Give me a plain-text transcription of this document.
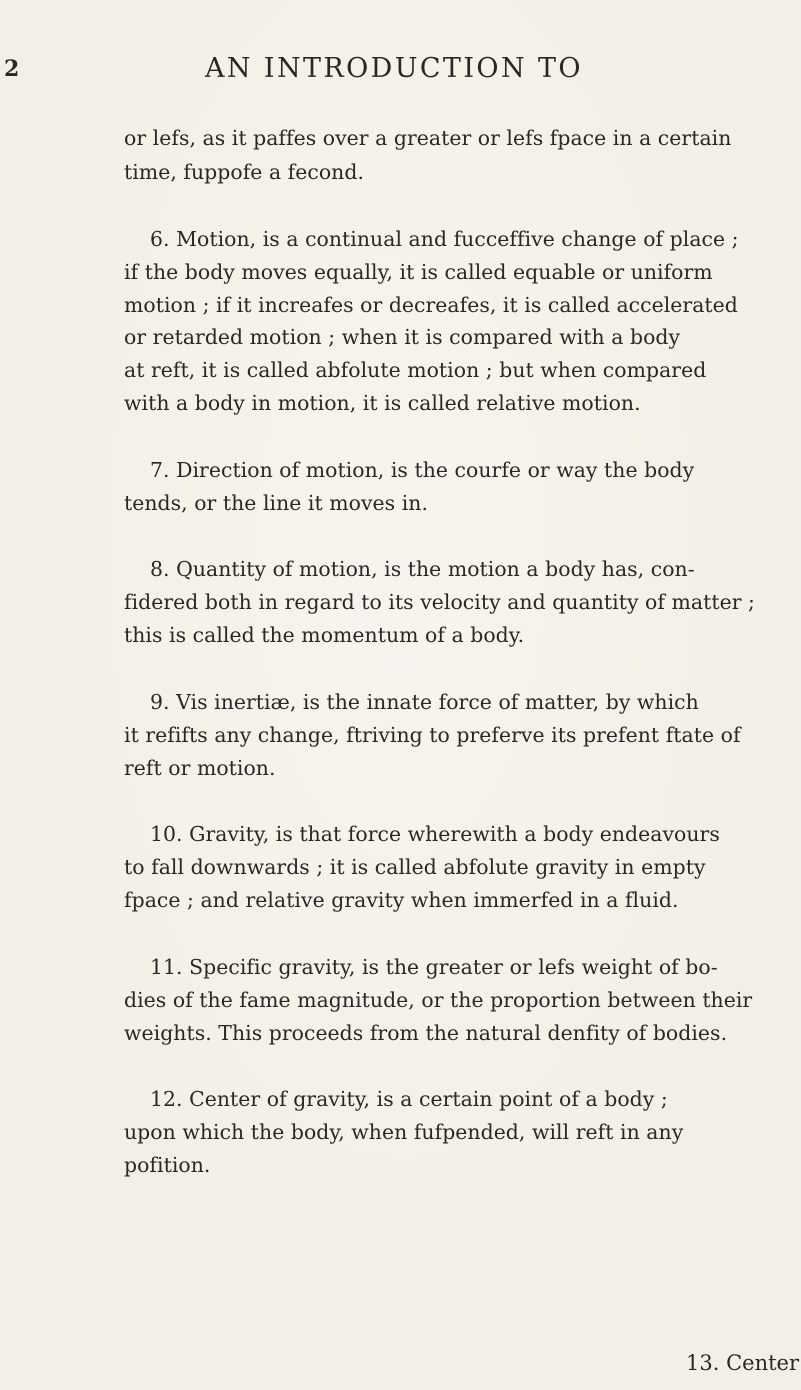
2	AN INTRODUCTION TO
or lefs, as it paffes over a greater or lefs fpace in a certain
time, fuppofe a fecond.
6. Motion, is a continual and fucceffive change of place ;
if the body moves equally, it is called equable or uniform
motion ; if it increafes or decreafes, it is called accelerated
or retarded motion ; when it is compared with a body
at reft, it is called abfolute motion ; but when compared
with a body in motion, it is called relative motion.
7. Direction of motion, is the courfe or way the body
tends, or the line it moves in.
8. Quantity of motion, is the motion a body has, con-
fidered both in regard to its velocity and quantity of matter ;
this is called the momentum of a body.
9. Vis inertiæ, is the innate force of matter, by which
it refifts any change, ftriving to preferve its prefent ftate of
reft or motion.
10. Gravity, is that force wherewith a body endeavours
to fall downwards ; it is called abfolute gravity in empty
fpace ; and relative gravity when immerfed in a fluid.
11. Specific gravity, is the greater or lefs weight of bo-
dies of the fame magnitude, or the proportion between their
weights. This proceeds from the natural denfity of bodies.
12. Center of gravity, is a certain point of a body ;
upon which the body, when fufpended, will reft in any
pofition.
13. Center
